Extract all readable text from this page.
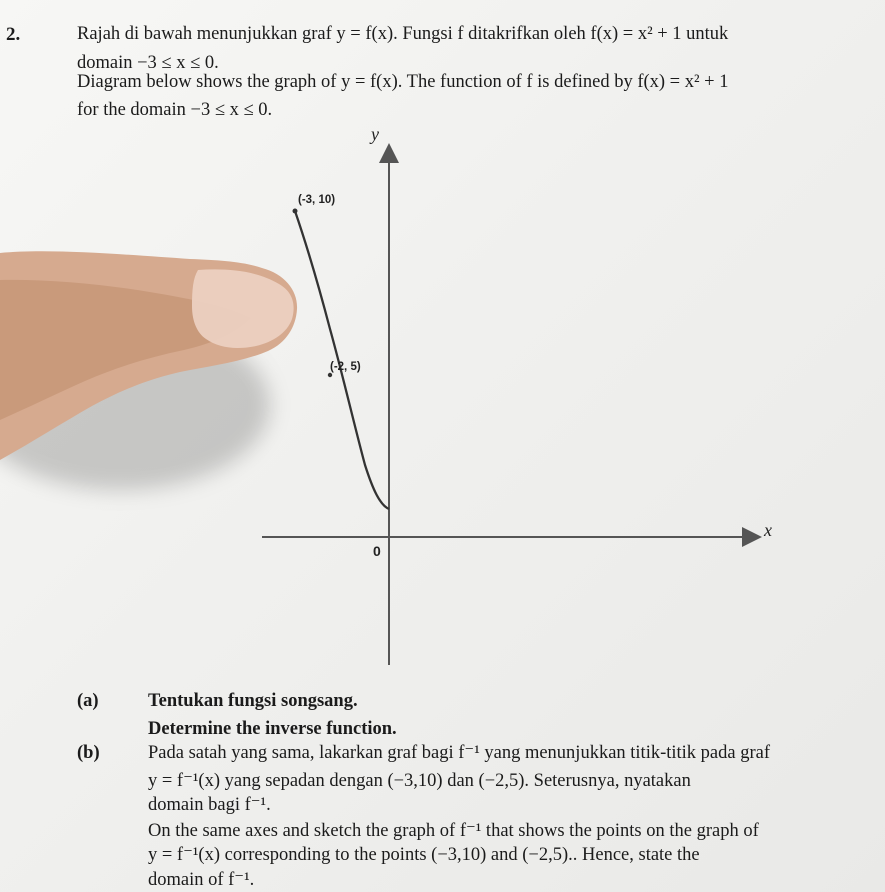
2.	Rajah di bawah menunjukkan graf y = f(x). Fungsi f ditakrifkan oleh f(x) = x² + 1 untuk
domain −3 ≤ x ≤ 0.
Diagram below shows the graph of y = f(x). The function of f is defined by f(x) = x² + 1
for the domain −3 ≤ x ≤ 0.
(-3, 10)
(-2, 5)
y
x
0
(a)	Tentukan fungsi songsang.
Determine the inverse function.
(b)	Pada satah yang sama, lakarkan graf bagi f⁻¹ yang menunjukkan titik-titik pada graf
y = f⁻¹(x) yang sepadan dengan (−3,10) dan (−2,5). Seterusnya, nyatakan
domain bagi f⁻¹.
On the same axes and sketch the graph of f⁻¹ that shows the points on the graph of
y = f⁻¹(x) corresponding to the points (−3,10) and (−2,5).. Hence, state the
domain of f⁻¹.
